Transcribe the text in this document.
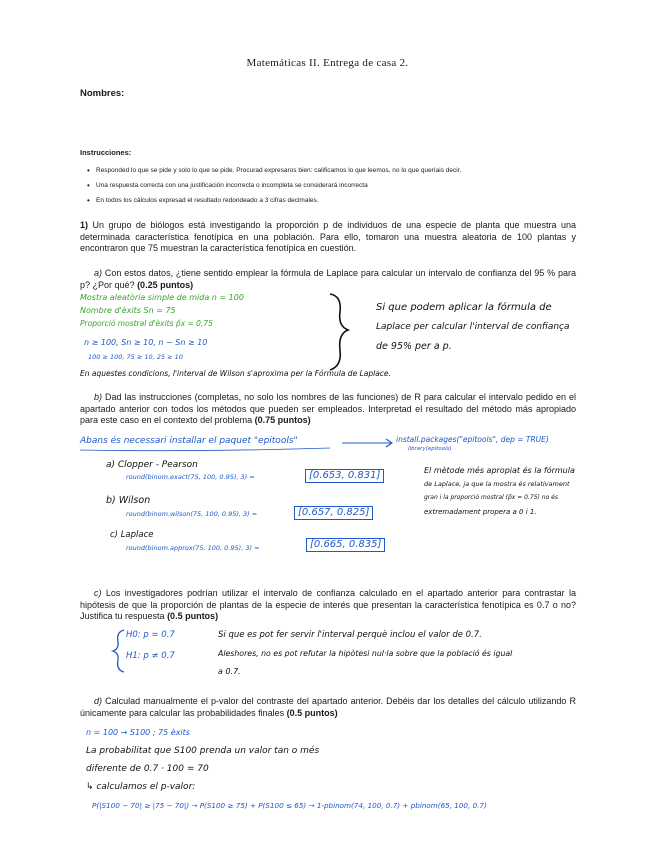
Matemáticas II. Entrega de casa 2.
Nombres:
Instrucciones:
• Responded lo que se pide y solo lo que se pide. Procurad expresaros bien: calificamos lo que leemos, no lo que queríais decir.
• Una respuesta correcta con una justificación incorrecta o incompleta se considerará incorrecta
• En todos los cálculos expresad el resultado redondeado a 3 cifras decimales.
1) Un grupo de biólogos está investigando la proporción p de individuos de una especie de planta que muestra una determinada característica fenotípica en una población. Para ello, tomaron una muestra aleatoria de 100 plantas y encontraron que 75 muestran la característica fenotípica en cuestión.
a) Con estos datos, ¿tiene sentido emplear la fórmula de Laplace para calcular un intervalo de confianza del 95 % para p? ¿Por qué? (0.25 puntos)
Mostra aleatòria simple de mida n = 100
Nombre d'èxits Sn = 75
Proporció mostral d'èxits p̂x = 0,75
n ≥ 100, Sn ≥ 10, n − Sn ≥ 10
100 ≥ 100, 75 ≥ 10, 25 ≥ 10
En aquestes condicions, l'interval de Wilson s'aproxima per la Fórmula de Laplace.
Si que podem aplicar la fórmula de
Laplace per calcular l'interval de confiança
de 95% per a p.
b) Dad las instrucciones (completas, no solo los nombres de las funciones) de R para calcular el intervalo pedido en el apartado anterior con todos los métodos que pueden ser empleados. Interpretad el resultado del método más apropiado para este caso en el contexto del problema (0.75 puntos)
Abans és necessari installar el paquet "epitools"	install.packages("epitools", dep = TRUE)
library(epitools)
a) Clopper - Pearson
round(binom.exact(75, 100, 0.95), 3) =	[0.653, 0.831]
b) Wilson
round(binom.wilson(75, 100, 0.95), 3) =	[0.657, 0.825]
c) Laplace
round(binom.approx(75, 100, 0.95), 3) =	[0.665, 0.835]
El mètode més apropiat és la fórmula
de Laplace, ja que la mostra és relativament
gran i la proporció mostral (p̂x = 0.75) no és
extremadament propera a 0 i 1.
c) Los investigadores podrían utilizar el intervalo de confianza calculado en el apartado anterior para contrastar la hipótesis de que la proporción de plantas de la especie de interés que presentan la característica fenotípica es 0.7 o no? Justifica tu respuesta (0.5 puntos)
H0: p = 0.7
H1: p ≠ 0.7
Si que es pot fer servir l'interval perquè inclou el valor de 0.7.
Aleshores, no es pot refutar la hipòtesi nul·la sobre que la població és igual
a 0.7.
d) Calculad manualmente el p-valor del contraste del apartado anterior. Debéis dar los detalles del cálculo utilizando R únicamente para calcular las probabilidades finales (0.5 puntos)
n = 100 → S100 ; 75 èxits
La probabilitat que S100 prenda un valor tan o més
diferente de 0.7 · 100 = 70
↳ calculamos el p-valor:
P(|S100 − 70| ≥ |75 − 70|) → P(S100 ≥ 75) + P(S100 ≤ 65) → 1-pbinom(74, 100, 0.7) + pbinom(65, 100, 0.7)
